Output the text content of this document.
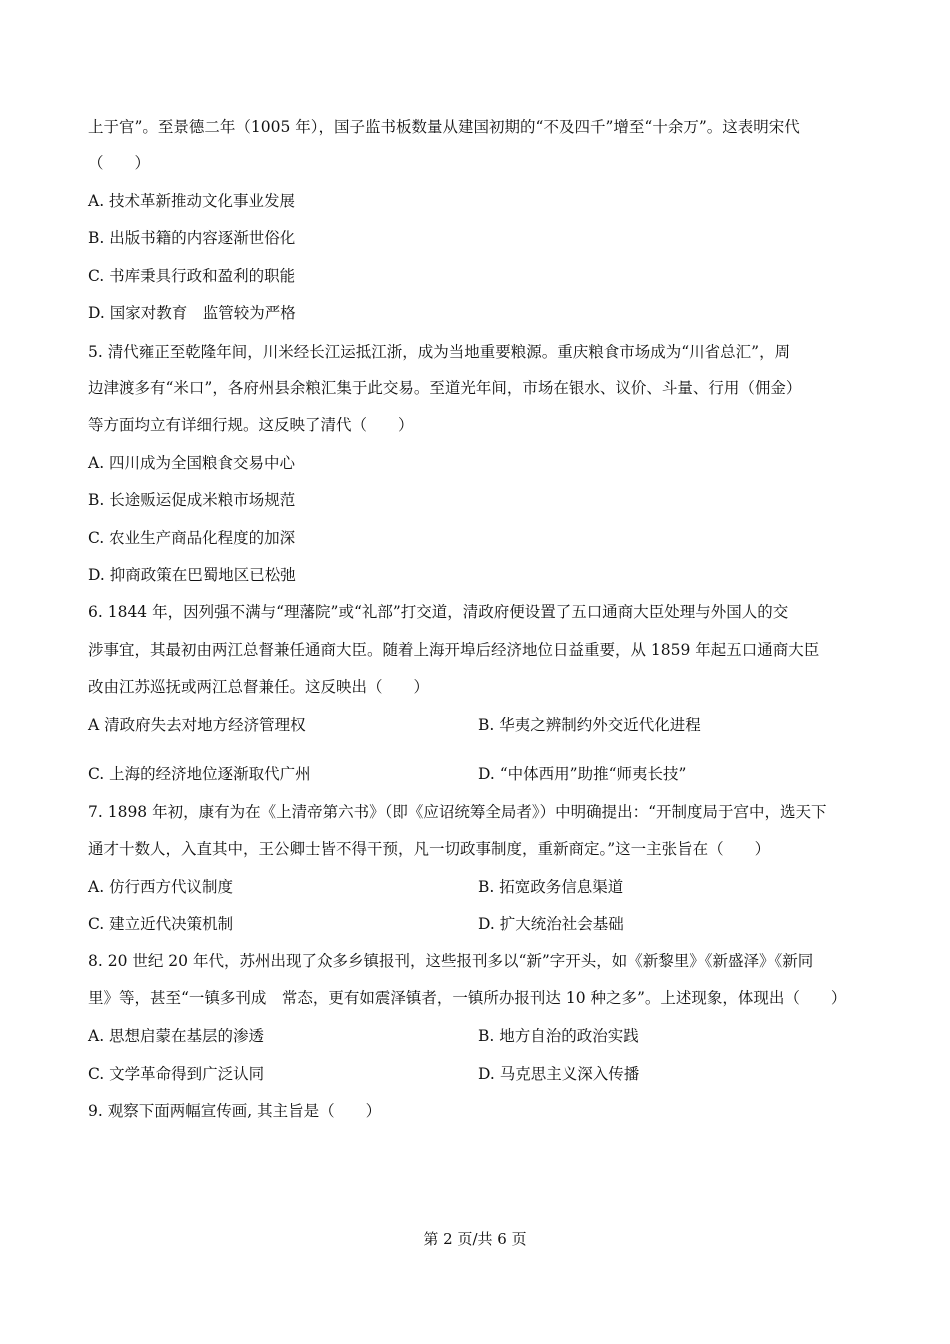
上于官”。至景德二年（1005 年），国子监书板数量从建国初期的“不及四千”增至“十余万”。这表明宋代
（　　）
A. 技术革新推动文化事业发展
B. 出版书籍的内容逐渐世俗化
C. 书库秉具行政和盈利的职能
D. 国家对教育　监管较为严格
5. 清代雍正至乾隆年间，川米经长江运抵江浙，成为当地重要粮源。重庆粮食市场成为“川省总汇”，周
边津渡多有“米口”，各府州县余粮汇集于此交易。至道光年间，市场在银水、议价、斗量、行用（佣金）
等方面均立有详细行规。这反映了清代（　　）
A. 四川成为全国粮食交易中心
B. 长途贩运促成米粮市场规范
C. 农业生产商品化程度的加深
D. 抑商政策在巴蜀地区已松弛
6. 1844 年，因列强不满与“理藩院”或“礼部”打交道，清政府便设置了五口通商大臣处理与外国人的交
涉事宜，其最初由两江总督兼任通商大臣。随着上海开埠后经济地位日益重要，从 1859 年起五口通商大臣
改由江苏巡抚或两江总督兼任。这反映出（　　）
A 清政府失去对地方经济管理权	B. 华夷之辨制约外交近代化进程
C. 上海的经济地位逐渐取代广州	D. “中体西用”助推“师夷长技”
7. 1898 年初，康有为在《上清帝第六书》（即《应诏统筹全局者》）中明确提出：“开制度局于宫中，选天下
通才十数人，入直其中，王公卿士皆不得干预，凡一切政事制度，重新商定。”这一主张旨在（　　）
A. 仿行西方代议制度	B. 拓宽政务信息渠道
C. 建立近代决策机制	D. 扩大统治社会基础
8. 20 世纪 20 年代，苏州出现了众多乡镇报刊，这些报刊多以“新”字开头，如《新黎里》《新盛泽》《新同
里》等，甚至“一镇多刊成　常态，更有如震泽镇者，一镇所办报刊达 10 种之多”。上述现象，体现出（　　）
A. 思想启蒙在基层的渗透	B. 地方自治的政治实践
C. 文学革命得到广泛认同	D. 马克思主义深入传播
9. 观察下面两幅宣传画, 其主旨是（　　）
第 2 页/共 6 页
